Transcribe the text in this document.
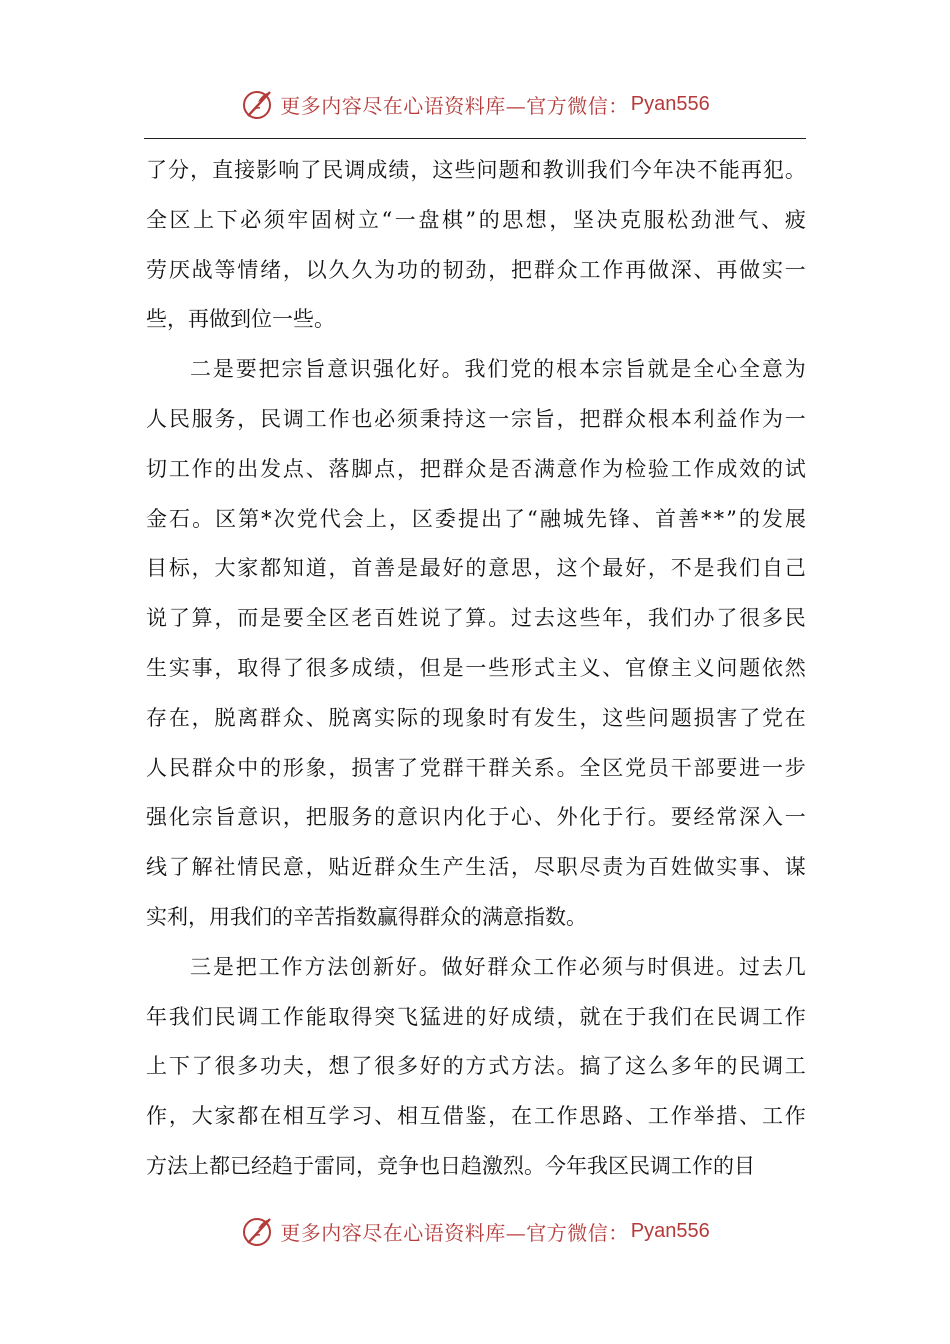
更多内容尽在心语资料库—官方微信： Pyan556
了 分 ， 直 接 影 响 了 民 调 成 绩 ， 这 些 问 题 和 教 训 我 们 今 年 决 不 能 再 犯 。
全 区 上 下 必 须 牢 固 树 立 “ 一 盘 棋 ” 的 思 想 ， 坚 决 克 服 松 劲 泄 气 、 疲
劳 厌 战 等 情 绪 ， 以 久 久 为 功 的 韧 劲 ， 把 群 众 工 作 再 做 深 、 再 做 实 一
些，再做到位一些。
二 是 要 把 宗 旨 意 识 强 化 好 。 我 们 党 的 根 本 宗 旨 就 是 全 心 全 意 为
人 民 服 务 ， 民 调 工 作 也 必 须 秉 持 这 一 宗 旨 ， 把 群 众 根 本 利 益 作 为 一
切 工 作 的 出 发 点 、 落 脚 点 ， 把 群 众 是 否 满 意 作 为 检 验 工 作 成 效 的 试
金 石 。 区 第 * 次 党 代 会 上 ， 区 委 提 出 了 “ 融 城 先 锋 、 首 善 * * ” 的 发 展
目 标 ， 大 家 都 知 道 ， 首 善 是 最 好 的 意 思 ， 这 个 最 好 ， 不 是 我 们 自 己
说 了 算 ， 而 是 要 全 区 老 百 姓 说 了 算 。 过 去 这 些 年 ， 我 们 办 了 很 多 民
生 实 事 ， 取 得 了 很 多 成 绩 ， 但 是 一 些 形 式 主 义 、 官 僚 主 义 问 题 依 然
存 在 ， 脱 离 群 众 、 脱 离 实 际 的 现 象 时 有 发 生 ， 这 些 问 题 损 害 了 党 在
人 民 群 众 中 的 形 象 ， 损 害 了 党 群 干 群 关 系 。 全 区 党 员 干 部 要 进 一 步
强 化 宗 旨 意 识 ， 把 服 务 的 意 识 内 化 于 心 、 外 化 于 行 。 要 经 常 深 入 一
线 了 解 社 情 民 意 ， 贴 近 群 众 生 产 生 活 ， 尽 职 尽 责 为 百 姓 做 实 事 、 谋
实利，用我们的辛苦指数赢得群众的满意指数。
三 是 把 工 作 方 法 创 新 好 。 做 好 群 众 工 作 必 须 与 时 俱 进 。 过 去 几
年 我 们 民 调 工 作 能 取 得 突 飞 猛 进 的 好 成 绩 ， 就 在 于 我 们 在 民 调 工 作
上 下 了 很 多 功 夫 ， 想 了 很 多 好 的 方 式 方 法 。 搞 了 这 么 多 年 的 民 调 工
作 ， 大 家 都 在 相 互 学 习 、 相 互 借 鉴 ， 在 工 作 思 路 、 工 作 举 措 、 工 作
方法上都已经趋于雷同，竞争也日趋激烈。今年我区民调工作的目
更多内容尽在心语资料库—官方微信： Pyan556
